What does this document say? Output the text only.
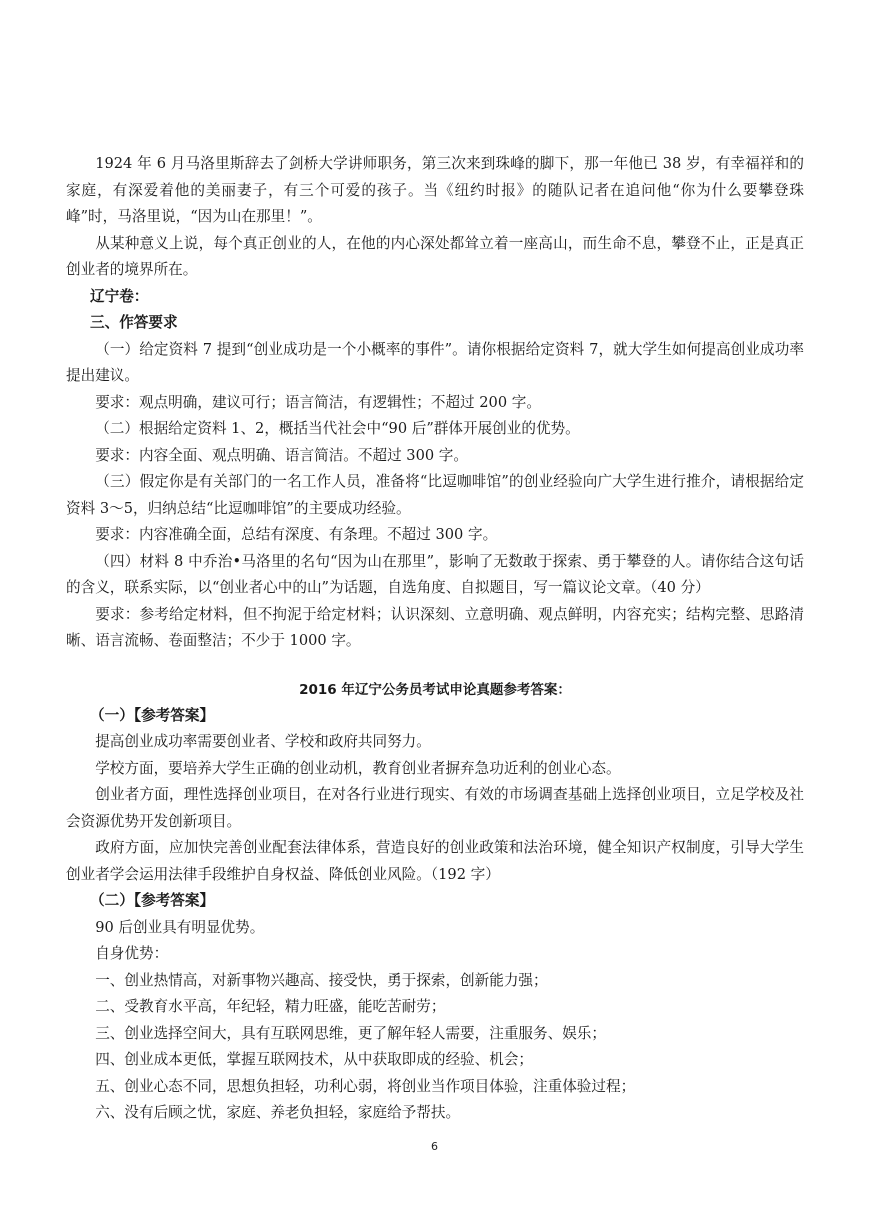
1924 年 6 月马洛里斯辞去了剑桥大学讲师职务，第三次来到珠峰的脚下，那一年他已 38 岁，有幸福祥和的家庭，有深爱着他的美丽妻子，有三个可爱的孩子。当《纽约时报》的随队记者在追问他“你为什么要攀登珠峰”时，马洛里说，“因为山在那里！”。

从某种意义上说，每个真正创业的人，在他的内心深处都耸立着一座高山，而生命不息，攀登不止，正是真正创业者的境界所在。

辽宁卷：

三、作答要求

（一）给定资料 7 提到“创业成功是一个小概率的事件”。请你根据给定资料 7，就大学生如何提高创业成功率提出建议。

要求：观点明确，建议可行；语言简洁，有逻辑性；不超过 200 字。

（二）根据给定资料 1、2，概括当代社会中“90 后”群体开展创业的优势。

要求：内容全面、观点明确、语言简洁。不超过 300 字。

（三）假定你是有关部门的一名工作人员，准备将“比逗咖啡馆”的创业经验向广大学生进行推介，请根据给定资料 3～5，归纳总结“比逗咖啡馆”的主要成功经验。

要求：内容准确全面，总结有深度、有条理。不超过 300 字。

（四）材料 8 中乔治•马洛里的名句“因为山在那里”，影响了无数敢于探索、勇于攀登的人。请你结合这句话的含义，联系实际，以“创业者心中的山”为话题，自选角度、自拟题目，写一篇议论文章。（40 分）

要求：参考给定材料，但不拘泥于给定材料；认识深刻、立意明确、观点鲜明，内容充实；结构完整、思路清晰、语言流畅、卷面整洁；不少于 1000 字。

2016 年辽宁公务员考试申论真题参考答案：

（一）【参考答案】

提高创业成功率需要创业者、学校和政府共同努力。

学校方面，要培养大学生正确的创业动机，教育创业者摒弃急功近利的创业心态。

创业者方面，理性选择创业项目，在对各行业进行现实、有效的市场调查基础上选择创业项目，立足学校及社会资源优势开发创新项目。

政府方面，应加快完善创业配套法律体系，营造良好的创业政策和法治环境，健全知识产权制度，引导大学生创业者学会运用法律手段维护自身权益、降低创业风险。（192 字）

（二）【参考答案】

90 后创业具有明显优势。

自身优势：

一、创业热情高，对新事物兴趣高、接受快，勇于探索，创新能力强；

二、受教育水平高，年纪轻，精力旺盛，能吃苦耐劳；

三、创业选择空间大，具有互联网思维，更了解年轻人需要，注重服务、娱乐；

四、创业成本更低，掌握互联网技术，从中获取即成的经验、机会；

五、创业心态不同，思想负担轻，功利心弱，将创业当作项目体验，注重体验过程；

六、没有后顾之忧，家庭、养老负担轻，家庭给予帮扶。

6
